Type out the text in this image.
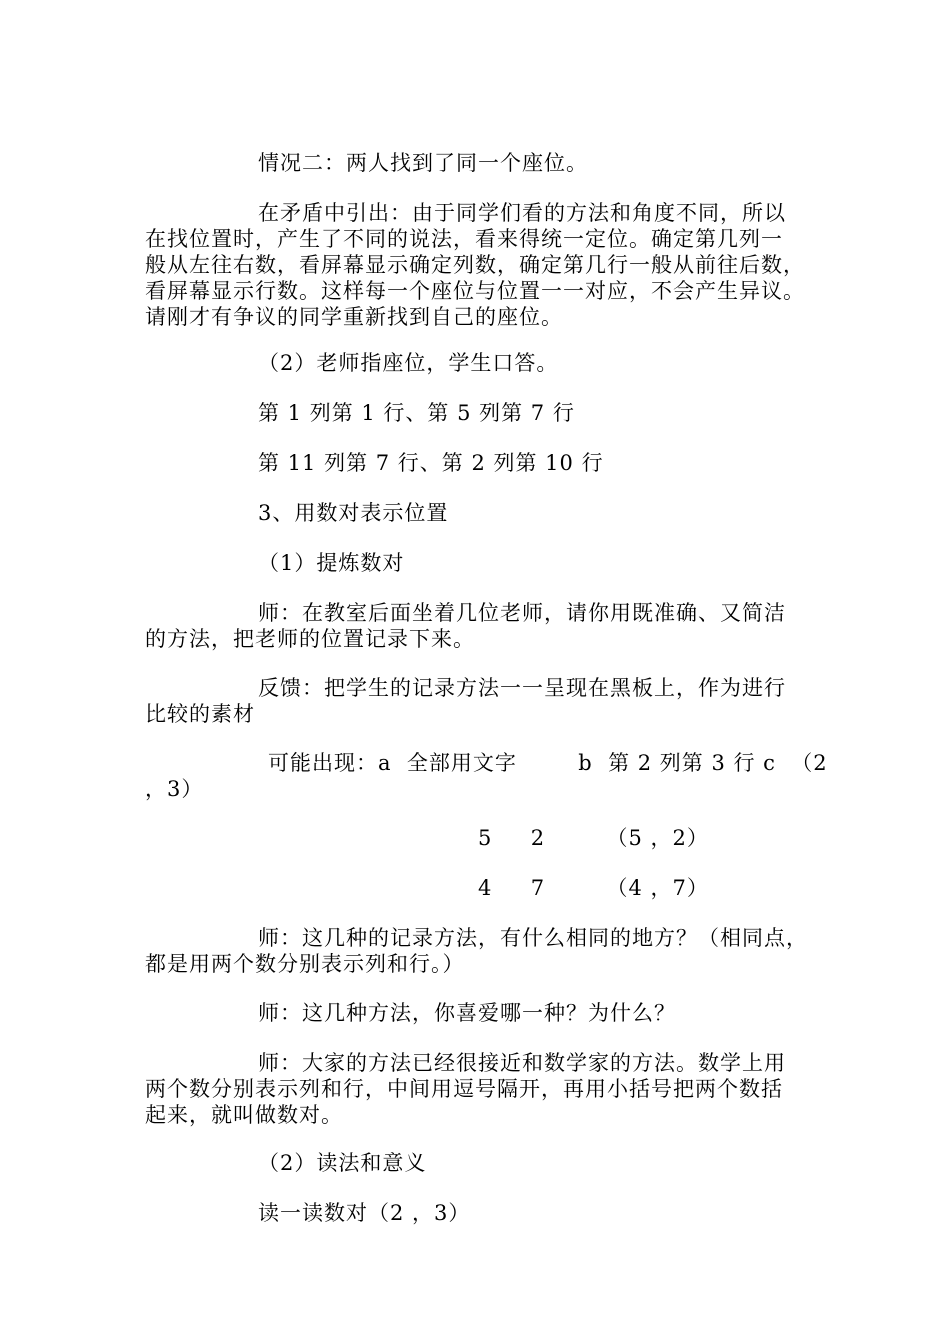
情况二：两人找到了同一个座位。
在矛盾中引出：由于同学们看的方法和角度不同，所以
在找位置时，产生了不同的说法，看来得统一定位。确定第几列一
般从左往右数，看屏幕显示确定列数，确定第几行一般从前往后数，
看屏幕显示行数。这样每一个座位与位置一一对应，不会产生异议。
请刚才有争议的同学重新找到自己的座位。
（2）老师指座位，学生口答。
第 1 列第 1 行、第 5 列第 7 行
第 11 列第 7 行、第 2 列第 10 行
3、用数对表示位置
（1）提炼数对
师：在教室后面坐着几位老师，请你用既准确、又简洁
的方法，把老师的位置记录下来。
反馈：把学生的记录方法一一呈现在黑板上，作为进行
比较的素材
可能出现：a  全部用文字        b  第 2 列第 3 行 c  （2
，3）
5     2        （5 ，2）
4     7        （4 ，7）
师：这几种的记录方法，有什么相同的地方？（相同点，
都是用两个数分别表示列和行。）
师：这几种方法，你喜爱哪一种？为什么？
师：大家的方法已经很接近和数学家的方法。数学上用
两个数分别表示列和行，中间用逗号隔开，再用小括号把两个数括
起来，就叫做数对。
（2）读法和意义
读一读数对（2 ，3）
